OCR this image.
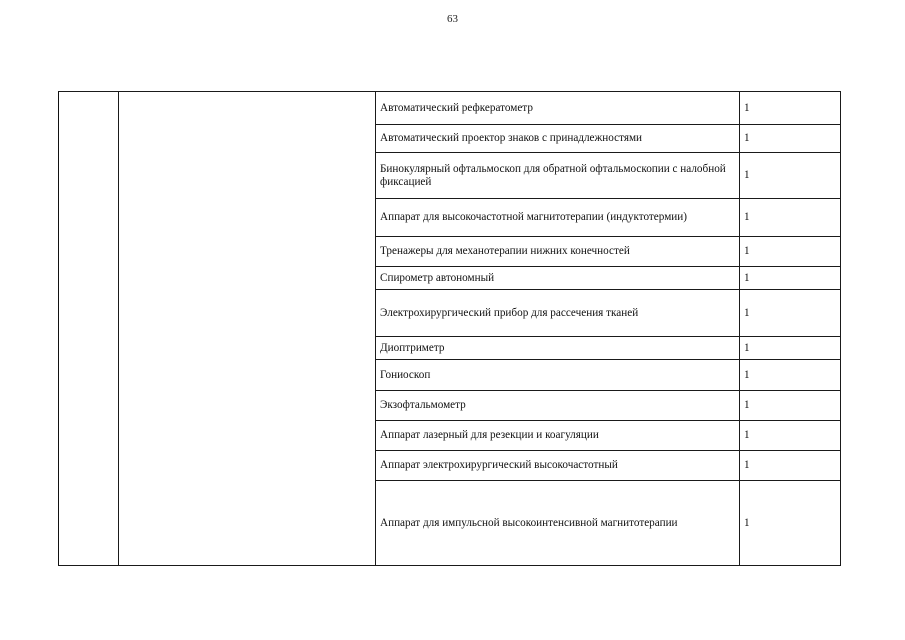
63
		Автоматический рефкератометр	1
		Автоматический проектор знаков с принадлежностями	1
		Бинокулярный офтальмоскоп для обратной офтальмоскопии с налобной фиксацией	1
		Аппарат для высокочастотной магнитотерапии (индуктотермии)	1
		Тренажеры для механотерапии нижних конечностей	1
		Спирометр автономный	1
		Электрохирургический прибор для рассечения тканей	1
		Диоптриметр	1
		Гониоскоп	1
		Экзофтальмометр	1
		Аппарат лазерный для резекции и коагуляции	1
		Аппарат электрохирургический высокочастотный	1
		Аппарат для импульсной высокоинтенсивной магнитотерапии	1
